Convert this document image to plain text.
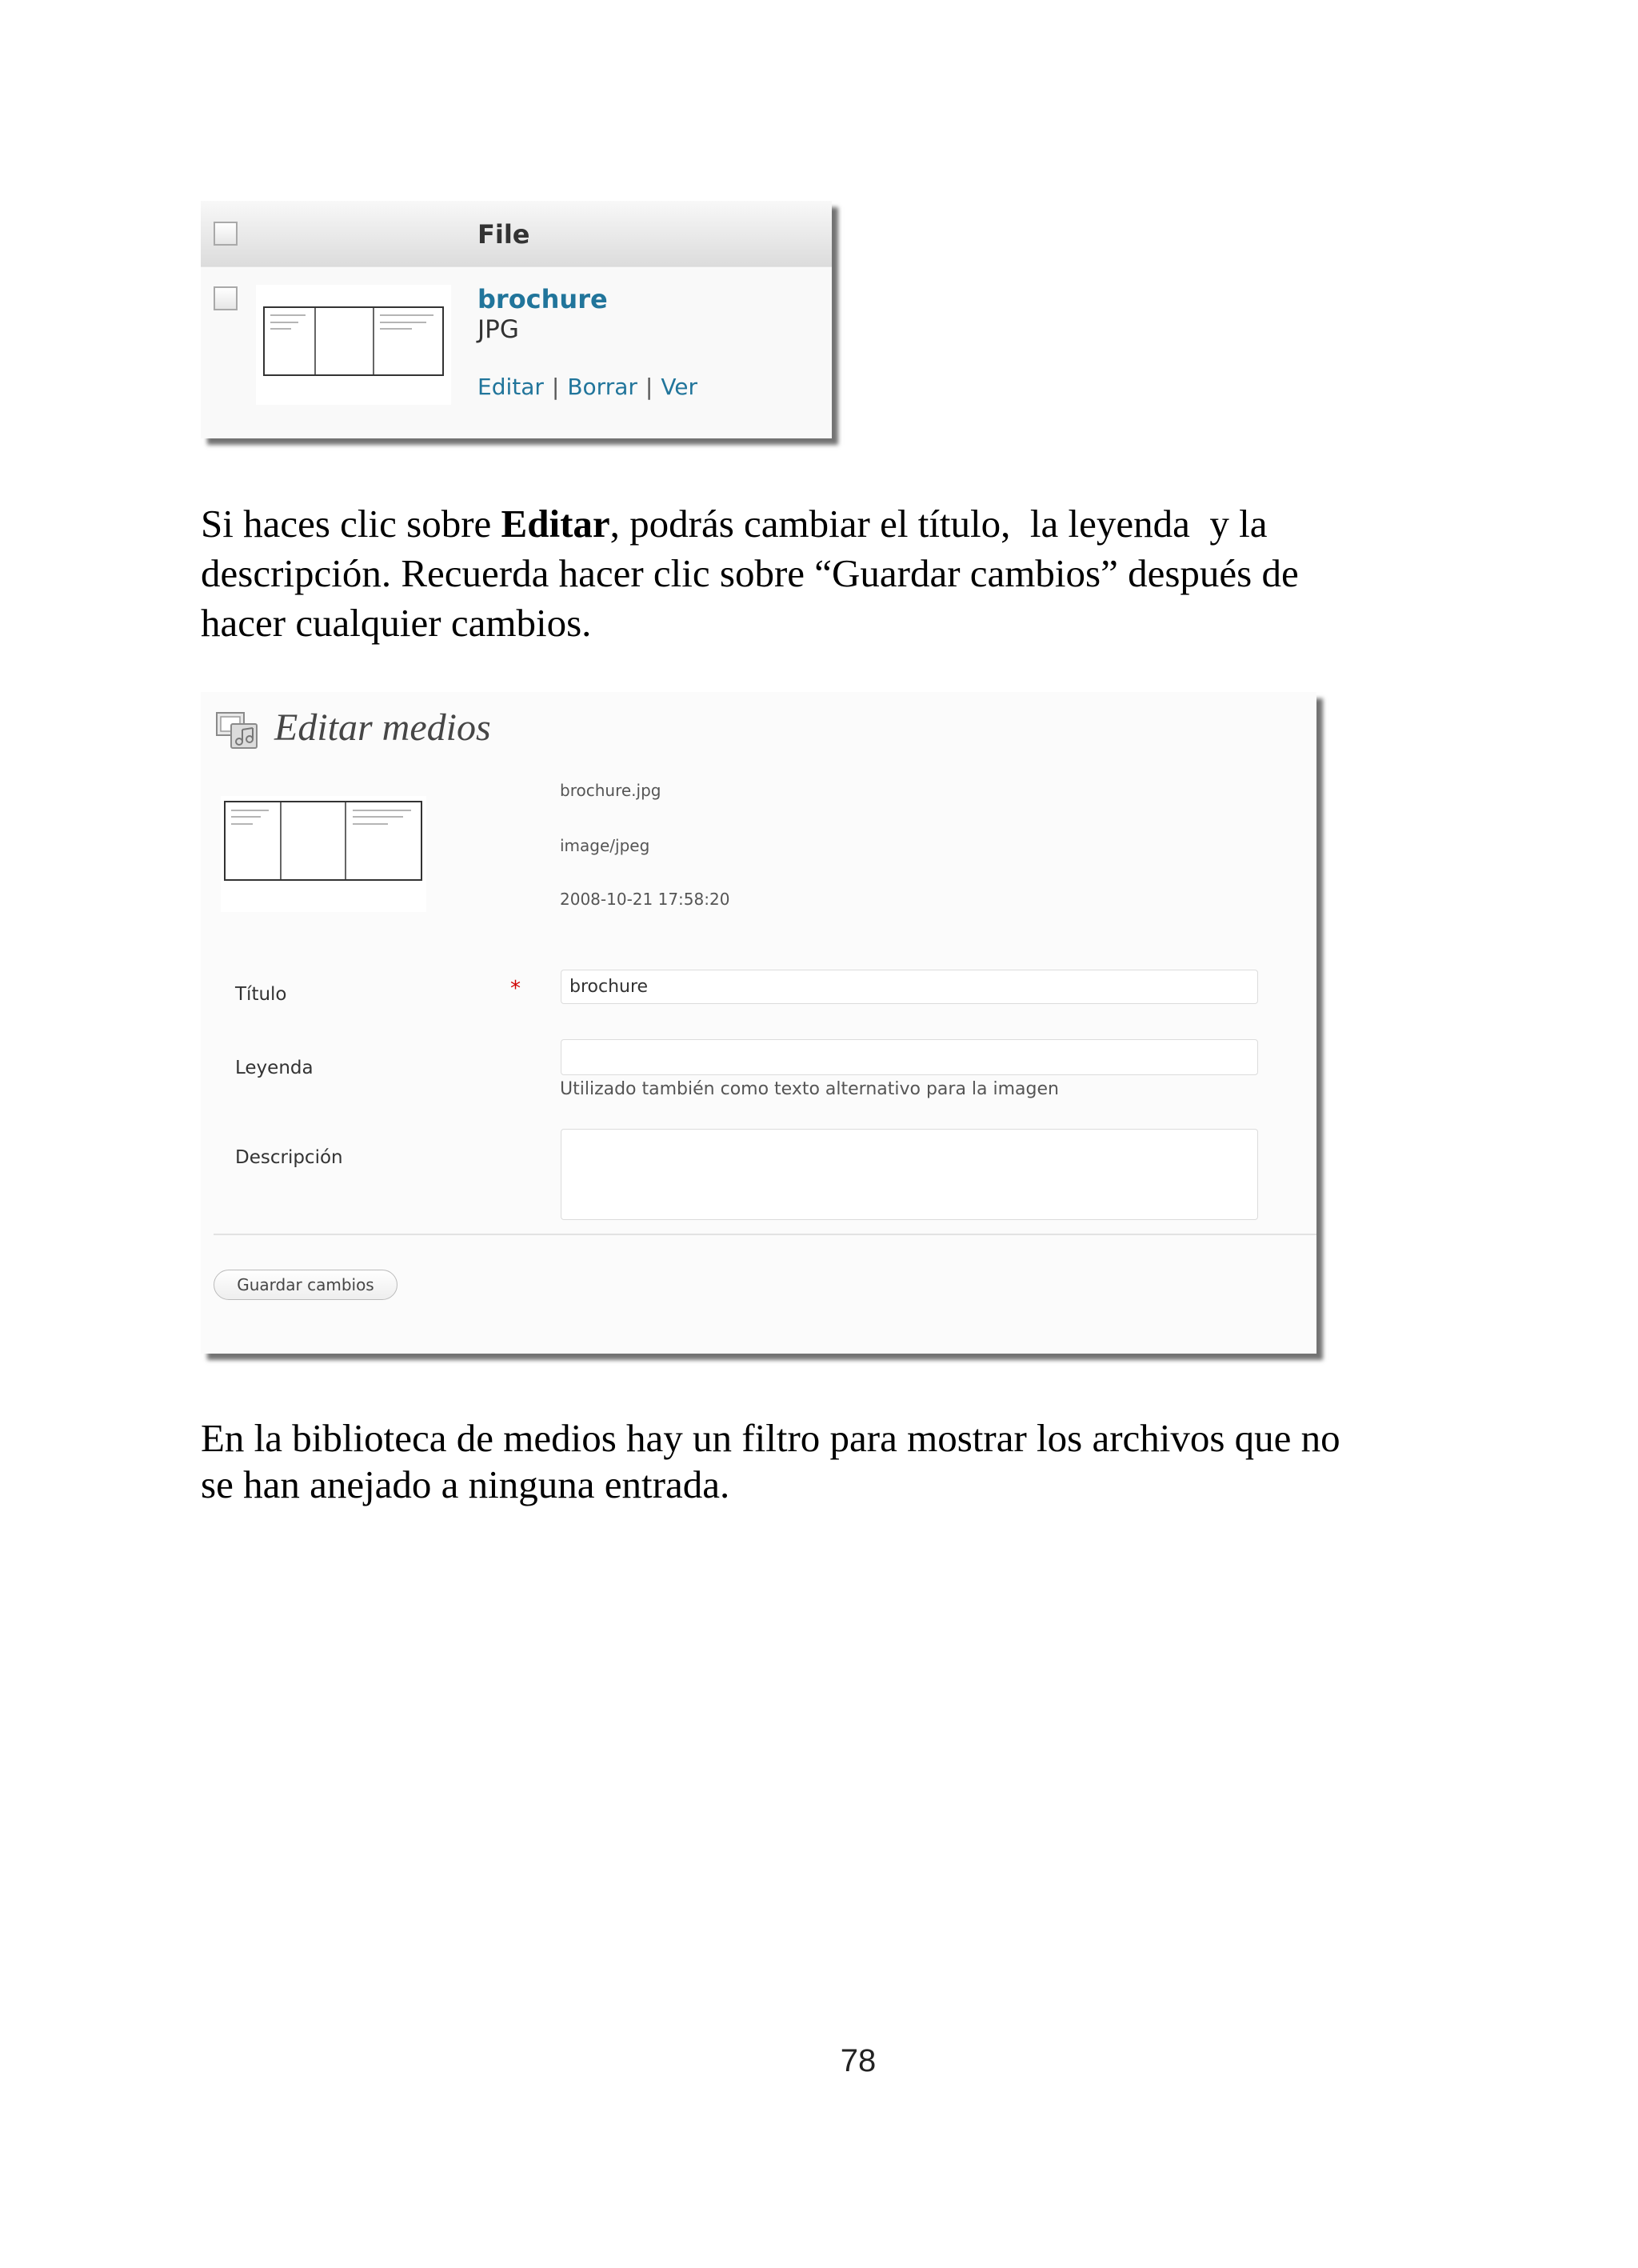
File
brochure
JPG
Editar | Borrar | Ver
Si haces clic sobre Editar, podrás cambiar el título,  la leyenda  y la
descripción. Recuerda hacer clic sobre “Guardar cambios” después de
hacer cualquier cambios.
Editar medios
brochure.jpg
image/jpeg
2008-10-21 17:58:20
Título	*
brochure
Leyenda
Utilizado también como texto alternativo para la imagen
Descripción
Guardar cambios
En la biblioteca de medios hay un filtro para mostrar los archivos que no
se han anejado a ninguna entrada.
78
